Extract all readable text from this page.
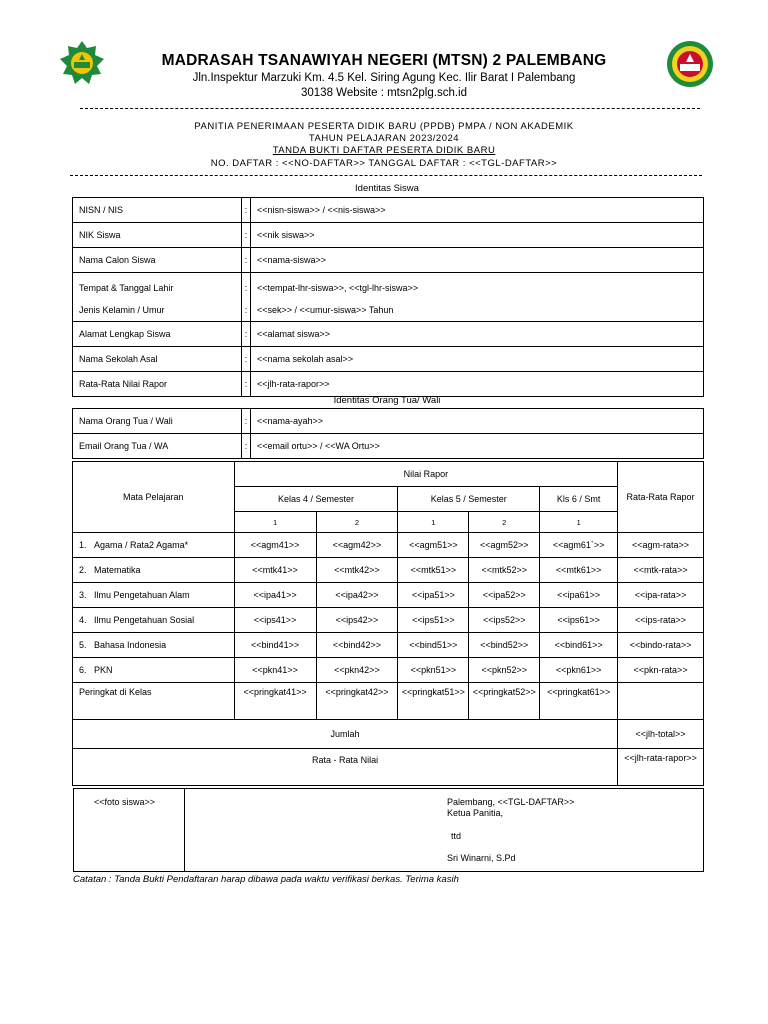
MADRASAH TSANAWIYAH NEGERI (MTSN) 2 PALEMBANG
Jln.Inspektur Marzuki Km. 4.5 Kel. Siring Agung Kec. Ilir Barat I Palembang
30138 Website : mtsn2plg.sch.id
PANITIA PENERIMAAN PESERTA DIDIK BARU (PPDB) PMPA / NON AKADEMIK
TAHUN PELAJARAN 2023/2024
TANDA BUKTI DAFTAR PESERTA DIDIK BARU
NO. DAFTAR : <<NO-DAFTAR>> TANGGAL DAFTAR : <<TGL-DAFTAR>>
Identitas Siswa
NISN / NIS	:	<<nisn-siswa>> / <<nis-siswa>>
NIK Siswa	:	<<nik siswa>>
Nama Calon Siswa	:	<<nama-siswa>>
Tempat & Tanggal Lahir	:	<<tempat-lhr-siswa>>, <<tgl-lhr-siswa>>
Jenis Kelamin / Umur	:	<<sek>> / <<umur-siswa>> Tahun
Alamat Lengkap Siswa	:	<<alamat siswa>>
Nama Sekolah Asal	:	<<nama sekolah asal>>
Rata-Rata Nilai Rapor	:	<<jlh-rata-rapor>>
Identitas Orang Tua/ Wali
Nama Orang Tua / Wali	:	<<nama-ayah>>
Email Orang Tua / WA	:	<<email ortu>> / <<WA Ortu>>
Mata Pelajaran	Nilai Rapor					Rata-Rata Rapor
	Kelas 4 / Semester		Kelas 5 / Semester		Kls 6 / Smt	
	1	2	1	2	1	
1. Agama / Rata2 Agama*	<<agm41>>	<<agm42>>	<<agm51>>	<<agm52>>	<<agm61`>>	<<agm-rata>>
2. Matematika	<<mtk41>>	<<mtk42>>	<<mtk51>>	<<mtk52>>	<<mtk61>>	<<mtk-rata>>
3. Ilmu Pengetahuan Alam	<<ipa41>>	<<ipa42>>	<<ipa51>>	<<ipa52>>	<<ipa61>>	<<ipa-rata>>
4. Ilmu Pengetahuan Sosial	<<ips41>>	<<ips42>>	<<ips51>>	<<ips52>>	<<ips61>>	<<ips-rata>>
5. Bahasa Indonesia	<<bind41>>	<<bind42>>	<<bind51>>	<<bind52>>	<<bind61>>	<<bindo-rata>>
6. PKN	<<pkn41>>	<<pkn42>>	<<pkn51>>	<<pkn52>>	<<pkn61>>	<<pkn-rata>>
Peringkat di Kelas	<<pringkat41>>	<<pringkat42>>	<<pringkat51>>	<<pringkat52>>	<<pringkat61>>	
Jumlah						<<jlh-total>>
Rata - Rata Nilai						<<jlh-rata-rapor>>
<<foto siswa>>	Palembang, <<TGL-DAFTAR>>
Ketua Panitia,
ttd
Sri Winarni, S.Pd
Catatan : Tanda Bukti Pendaftaran harap dibawa pada waktu verifikasi berkas. Terima kasih
